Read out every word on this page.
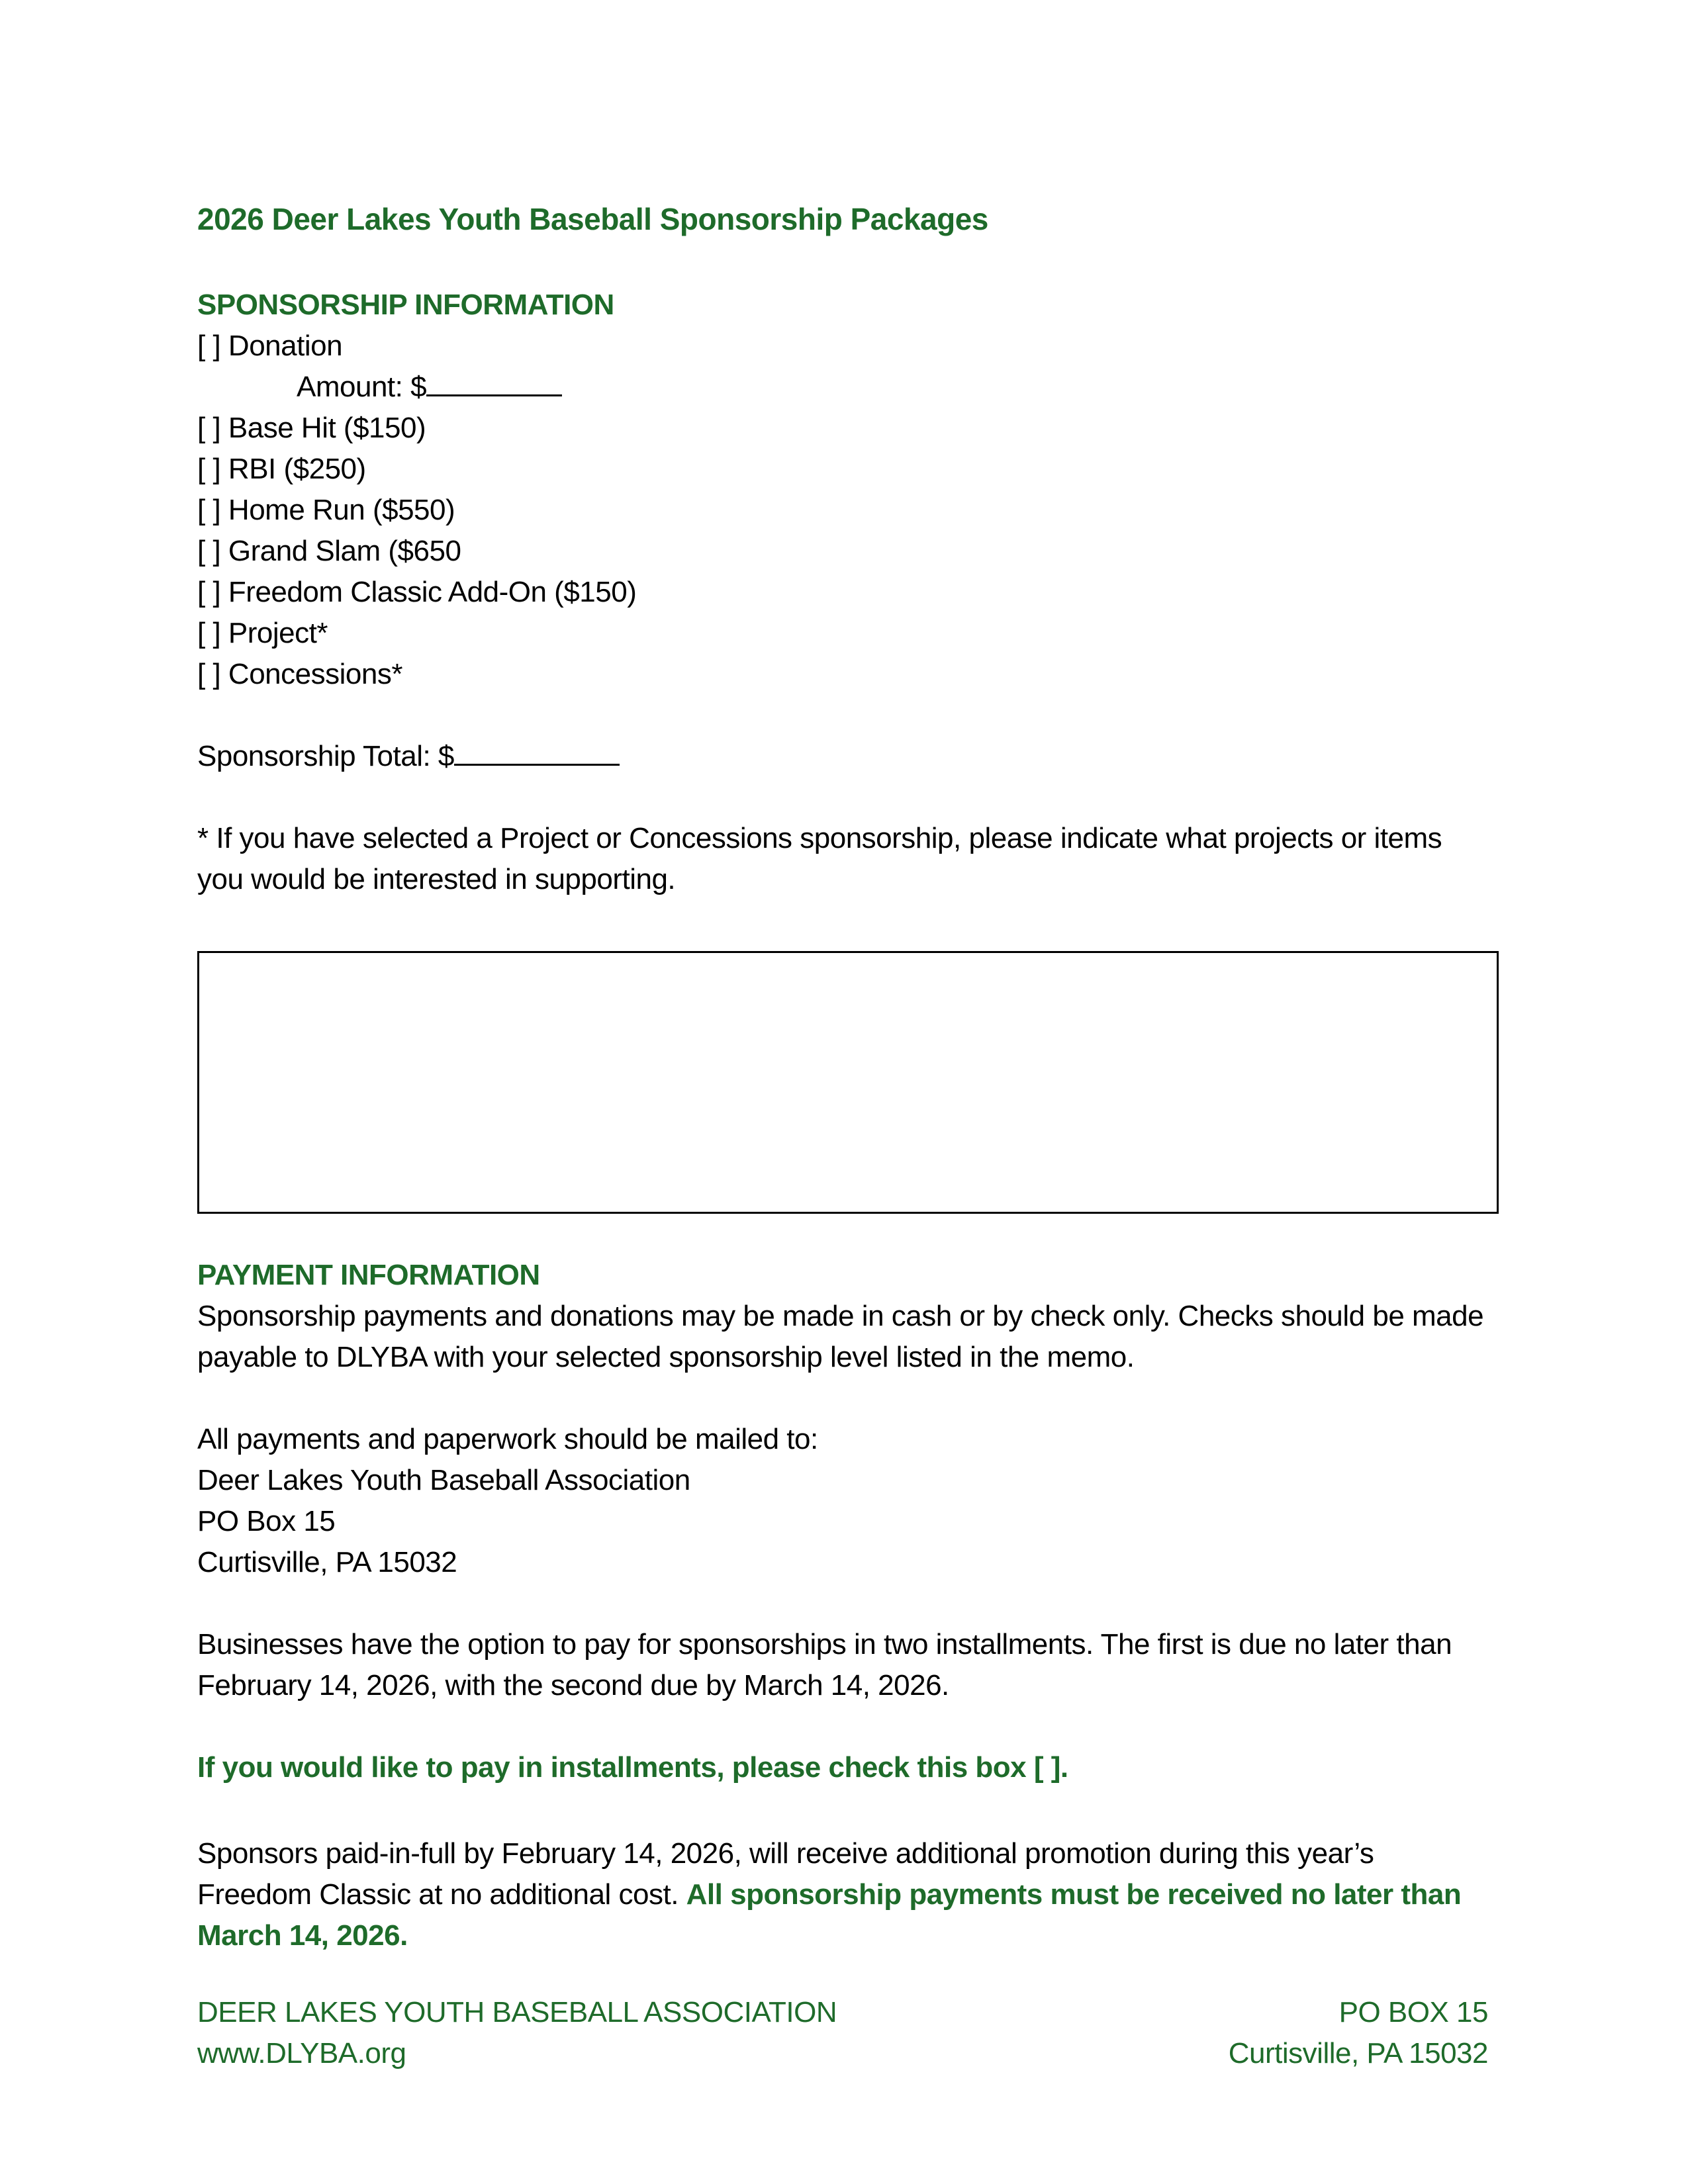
2026 Deer Lakes Youth Baseball Sponsorship Packages
SPONSORSHIP INFORMATION
[ ] Donation
Amount: $
[ ] Base Hit ($150)
[ ] RBI ($250)
[ ] Home Run ($550)
[ ] Grand Slam ($650
[ ] Freedom Classic Add-On ($150)
[ ] Project*
[ ] Concessions*
Sponsorship Total: $
* If you have selected a Project or Concessions sponsorship, please indicate what projects or items you would be interested in supporting.
PAYMENT INFORMATION
Sponsorship payments and donations may be made in cash or by check only. Checks should be made payable to DLYBA with your selected sponsorship level listed in the memo.
All payments and paperwork should be mailed to:
Deer Lakes Youth Baseball Association
PO Box 15
Curtisville, PA 15032
Businesses have the option to pay for sponsorships in two installments. The first is due no later than February 14, 2026, with the second due by March 14, 2026.
If you would like to pay in installments, please check this box [ ].
Sponsors paid-in-full by February 14, 2026, will receive additional promotion during this year’s Freedom Classic at no additional cost. All sponsorship payments must be received no later than March 14, 2026.
DEER LAKES YOUTH BASEBALL ASSOCIATION	PO BOX 15
www.DLYBA.org	Curtisville, PA 15032
